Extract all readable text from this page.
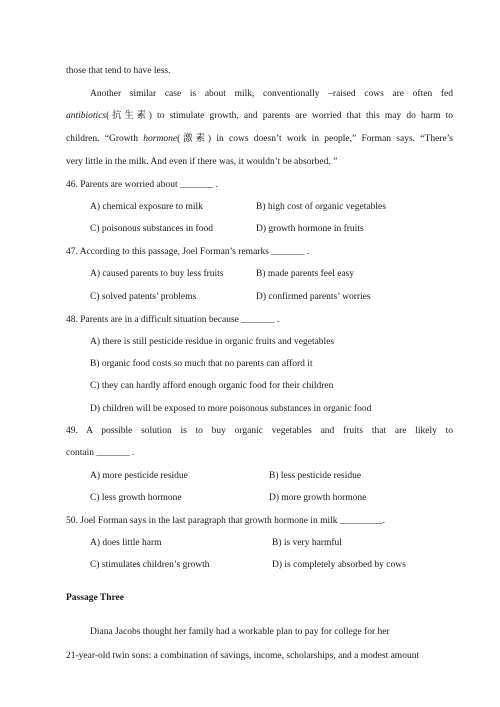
those that tend to have less.
Another similar case is about milk, conventionally –raised cows are often fed
antibiotics(抗生素) to stimulate growth, and parents are worried that this may do harm to
children. “Growth hormone(激素) in cows doesn’t work in people,” Forman says. “There’s
very little in the milk. And even if there was, it wouldn’t be absorbed. ”
46. Parents are worried about _______ .
A) chemical exposure to milk	B) high cost of organic vegetables
C) poisonous substances in food	D) growth hormone in fruits
47. According to this passage, Joel Forman’s remarks _______ .
A) caused parents to buy less fruits	B) made parents feel easy
C) solved patents’ problems	D) confirmed parents’ worries
48. Parents are in a difficult situation because _______ .
A) there is still pesticide residue in organic fruits and vegetables
B) organic food costs so much that no parents can afford it
C) they can hardly afford enough organic food for their children
D) children will be exposed to more poisonous substances in organic food
49. A possible solution is to buy organic vegetables and fruits that are likely to
contain _______ .
A) more pesticide residue	B) less pesticide residue
C) less growth hormone	D) more growth hormone
50. Joel Forman says in the last paragraph that growth hormone in milk _________.
A) does little harm	B) is very harmful
C) stimulates children’s growth	D) is completely absorbed by cows
Passage Three
Diana Jacobs thought her family had a workable plan to pay for college for her
21-year-old twin sons: a combination of savings, income, scholarships, and a modest amount
